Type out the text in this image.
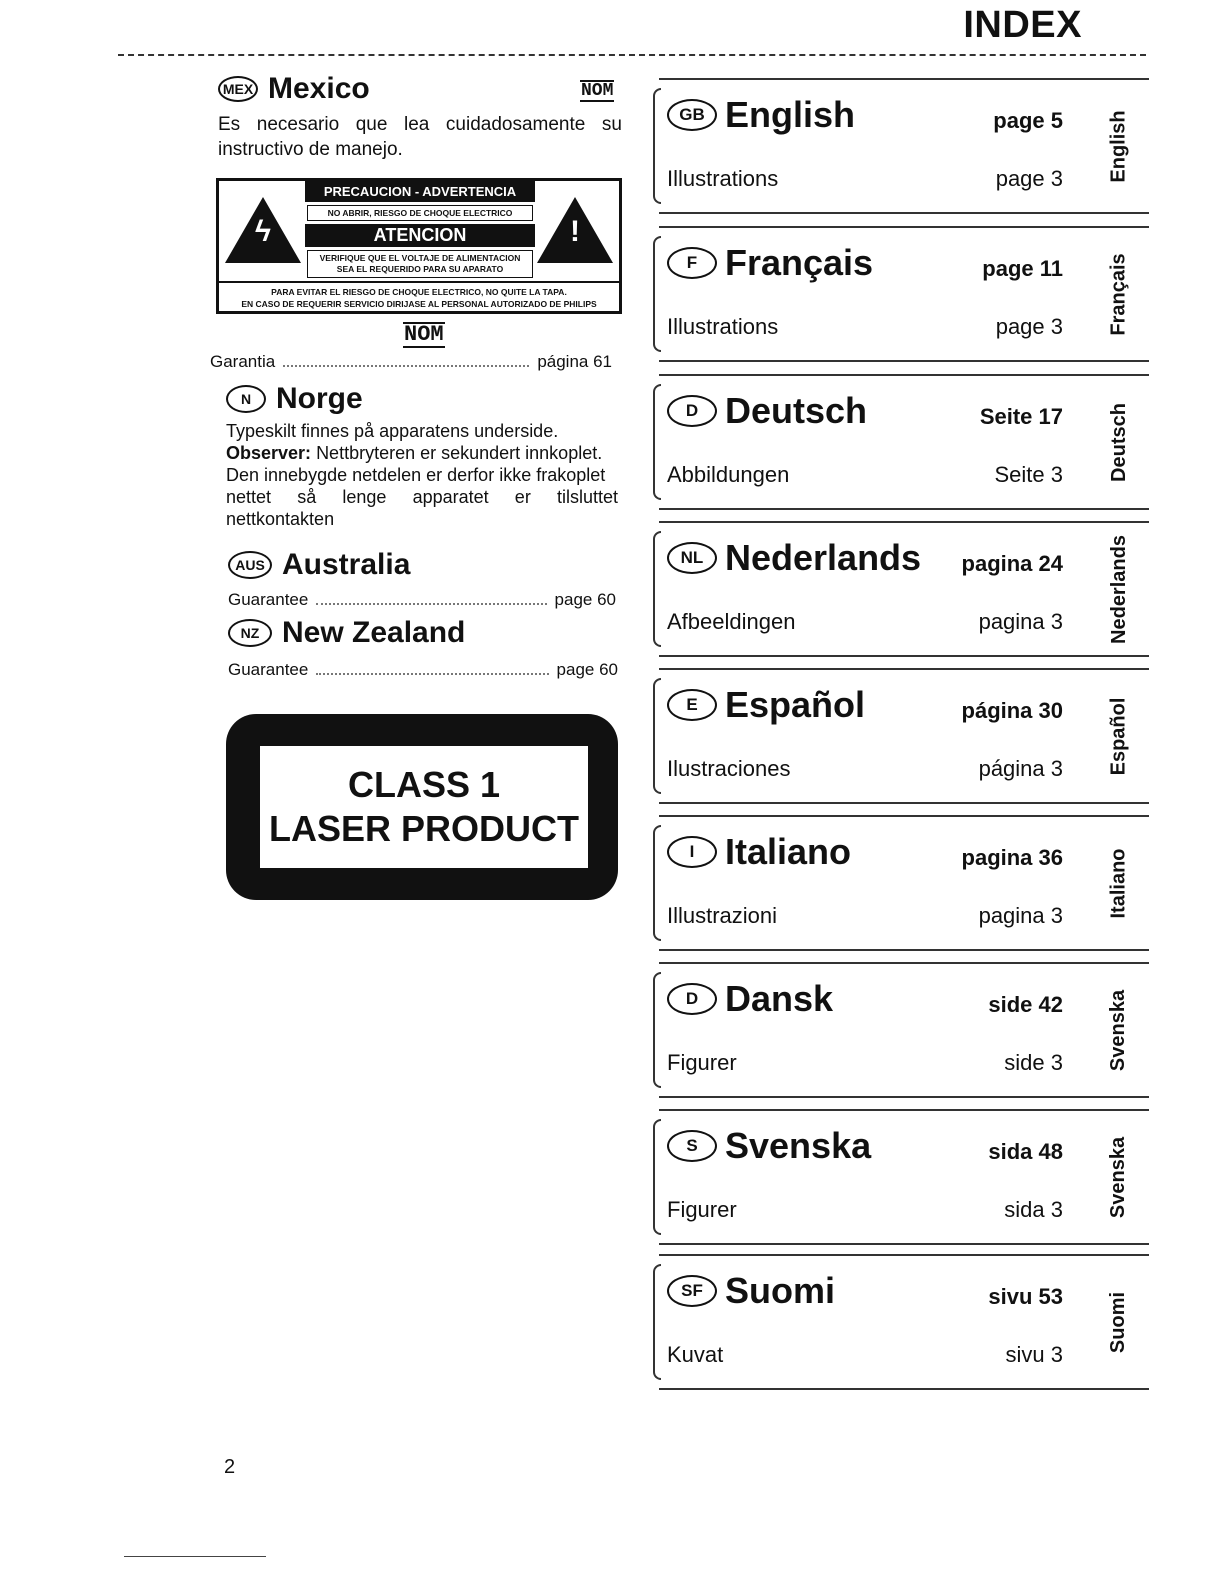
INDEX
MEX Mexico	NOM
Es necesario que lea cuidadosamente su instructivo de manejo.
ϟ
PRECAUCION - ADVERTENCIA
NO ABRIR, RIESGO DE CHOQUE ELECTRICO
ATENCION
VERIFIQUE QUE EL VOLTAJE DE ALIMENTACION
SEA EL REQUERIDO PARA SU APARATO
!
PARA EVITAR EL RIESGO DE CHOQUE ELECTRICO, NO QUITE LA TAPA.
EN CASO DE REQUERIR SERVICIO DIRIJASE AL PERSONAL AUTORIZADO DE PHILIPS
NOM
Garantia	página 61
N Norge
Typeskilt finnes på apparatens underside.
Observer: Nettbryteren er sekundert innkoplet.
Den innebygde netdelen er derfor ikke frakoplet
nettet så lenge apparatet er tilsluttet
nettkontakten
AUS Australia
Guarantee	page 60
NZ New Zealand
Guarantee	page 60
CLASS 1
LASER PRODUCT
GB English	page 5
Illustrations	page 3 English
F Français	page 11
Illustrations	page 3 Français
D Deutsch	Seite 17
Abbildungen	Seite 3 Deutsch
NL Nederlands pagina 24
Afbeeldingen	pagina 3 Nederlands
E Español	página 30
Ilustraciones	página 3 Español
I Italiano	pagina 36
Illustrazioni	pagina 3 Italiano
D Dansk	side 42
Figurer	side 3 Svenska
S Svenska	sida 48
Figurer	sida 3 Svenska
SF Suomi	sivu 53
Kuvat	sivu 3
Suomi
2
